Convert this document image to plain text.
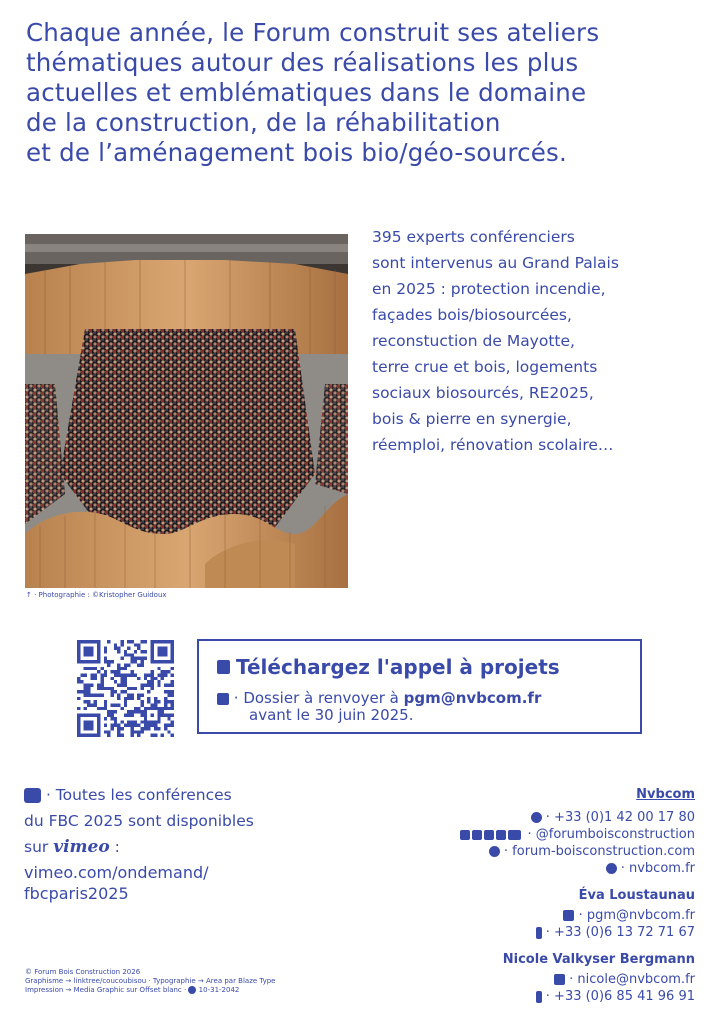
Chaque année, le Forum construit ses ateliers
thématiques autour des réalisations les plus
actuelles et emblématiques dans le domaine
de la construction, de la réhabilitation
et de l’aménagement bois bio/géo-sourcés.
↑ · Photographie : ©Kristopher Guidoux
395 experts conférenciers
sont intervenus au Grand Palais
en 2025 : protection incendie,
façades bois/biosourcées,
reconstuction de Mayotte,
terre crue et bois, logements
sociaux biosourcés, RE2025,
bois & pierre en synergie,
réemploi, rénovation scolaire…
Téléchargez l'appel à projets
· Dossier à renvoyer à pgm@nvbcom.fr
avant le 30 juin 2025.
· Toutes les conférences
du FBC 2025 sont disponibles
sur vimeo :
vimeo.com/ondemand/
fbcparis2025
Nvbcom
· +33 (0)1 42 00 17 80
· @forumboisconstruction
· forum-boisconstruction.com
· nvbcom.fr
Éva Loustaunau
· pgm@nvbcom.fr
· +33 (0)6 13 72 71 67
Nicole Valkyser Bergmann
· nicole@nvbcom.fr
· +33 (0)6 85 41 96 91
© Forum Bois Construction 2026
Graphisme → linktree/coucoubisou · Typographie → Area par Blaze Type
Impression → Media Graphic sur Offset blanc ·  10-31-2042
